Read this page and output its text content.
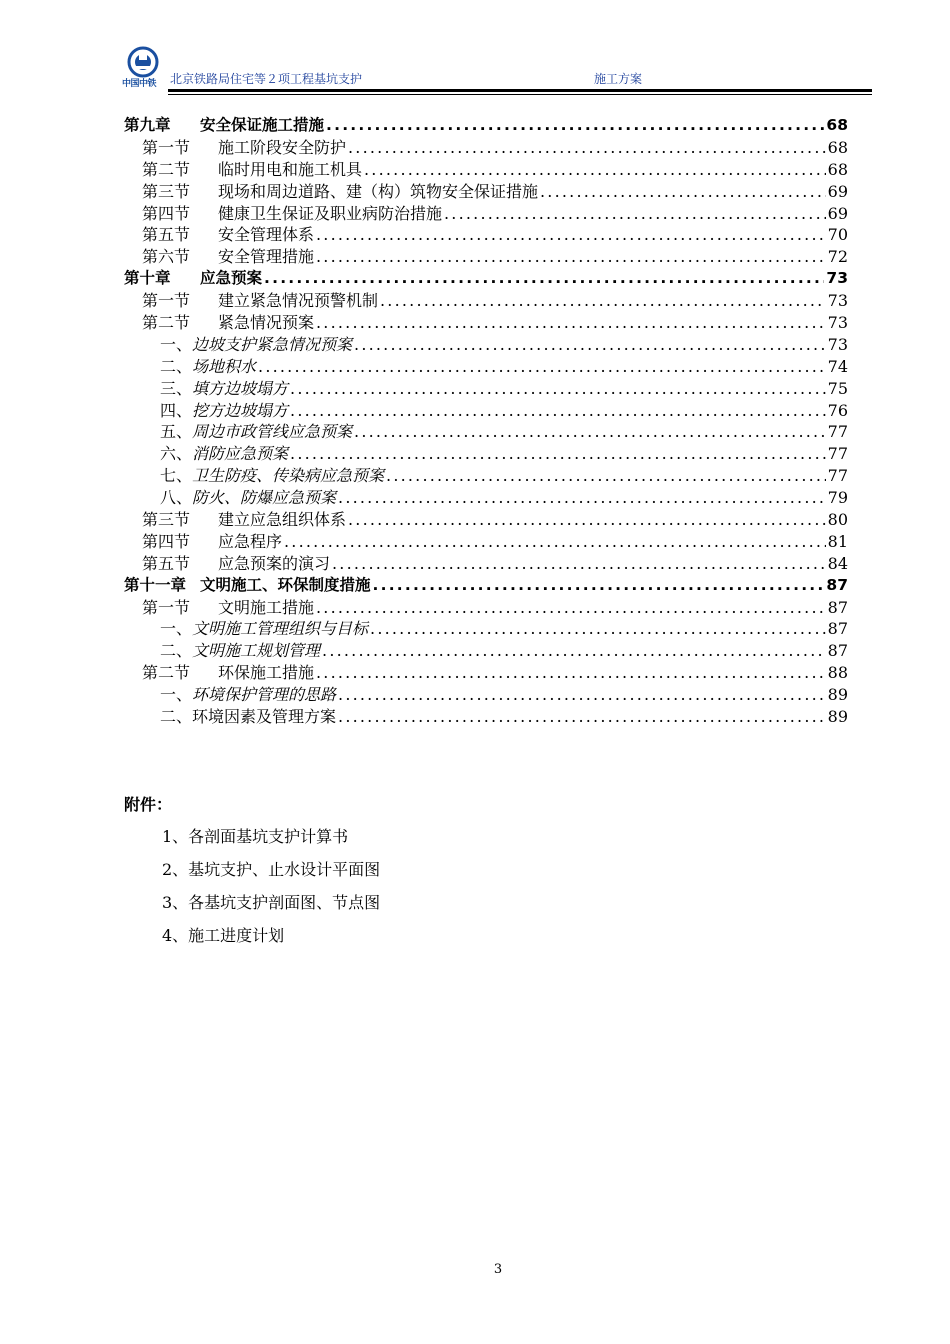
中国中铁	北京铁路局住宅等２项工程基坑支护	施工方案
第九章	安全保证施工措施 .....	68
第一节	施工阶段安全防护 .....	68
第二节	临时用电和施工机具 .....	68
第三节	现场和周边道路、建（构）筑物安全保证措施 .....	69
第四节	健康卫生保证及职业病防治措施 .....	69
第五节	安全管理体系 .....	70
第六节	安全管理措施 .....	72
第十章	应急预案 .....	73
第一节	建立紧急情况预警机制 .....	73
第二节	紧急情况预案 .....	73
一、 边坡支护紧急情况预案 .....	73
二、 场地积水 .....	74
三、 填方边坡塌方 .....	75
四、 挖方边坡塌方 .....	76
五、 周边市政管线应急预案 .....	77
六、 消防应急预案 .....	77
七、 卫生防疫、传染病应急预案 .....	77
八、 防火、防爆应急预案 .....	79
第三节	建立应急组织体系 .....	80
第四节	应急程序 .....	81
第五节	应急预案的演习 .....	84
第十一章 文明施工、环保制度措施 .....	87
第一节	文明施工措施 .....	87
一、 文明施工管理组织与目标 .....	87
二、 文明施工规划管理 .....	87
第二节	环保施工措施 .....	88
一、 环境保护管理的思路 .....	89
二、 环境因素及管理方案 .....	89
附件：
1、各剖面基坑支护计算书
2、基坑支护、止水设计平面图
3、各基坑支护剖面图、节点图
4、施工进度计划
3
